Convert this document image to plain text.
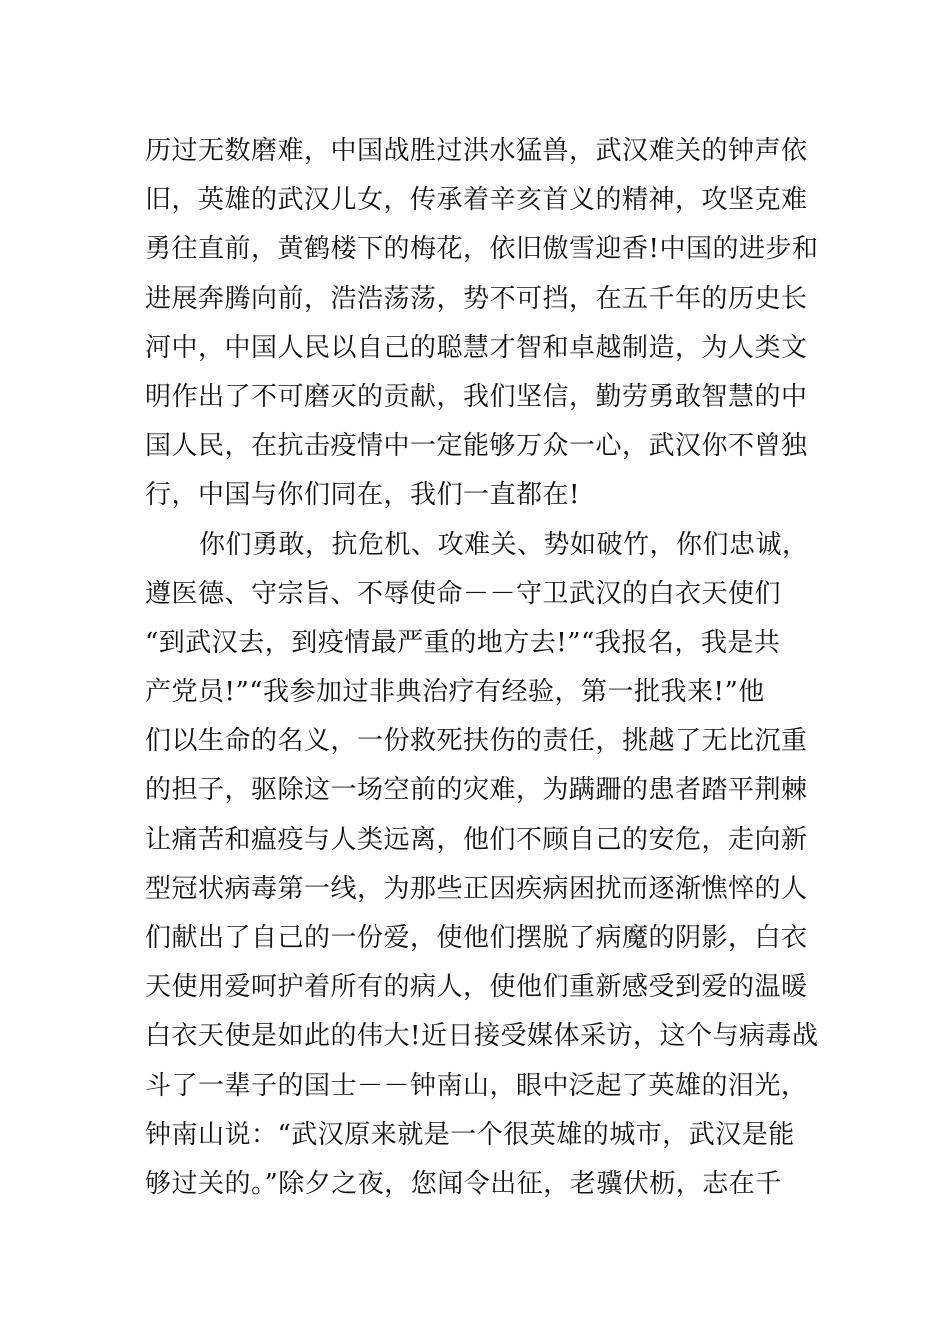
历过无数磨难，中国战胜过洪水猛兽，武汉难关的钟声依
旧，英雄的武汉儿女，传承着辛亥首义的精神，攻坚克难
勇往直前，黄鹤楼下的梅花，依旧傲雪迎香!中国的进步和
进展奔腾向前，浩浩荡荡，势不可挡，在五千年的历史长
河中，中国人民以自己的聪慧才智和卓越制造，为人类文
明作出了不可磨灭的贡献，我们坚信，勤劳勇敢智慧的中
国人民，在抗击疫情中一定能够万众一心，武汉你不曾独
行，中国与你们同在，我们一直都在!
你们勇敢，抗危机、攻难关、势如破竹，你们忠诚，
遵医德、守宗旨、不辱使命－－守卫武汉的白衣天使们
“到武汉去，到疫情最严重的地方去!”“我报名，我是共
产党员!”“我参加过非典治疗有经验，第一批我来!”他
们以生命的名义，一份救死扶伤的责任，挑越了无比沉重
的担子，驱除这一场空前的灾难，为蹒跚的患者踏平荆棘
让痛苦和瘟疫与人类远离，他们不顾自己的安危，走向新
型冠状病毒第一线，为那些正因疾病困扰而逐渐憔悴的人
们献出了自己的一份爱，使他们摆脱了病魔的阴影，白衣
天使用爱呵护着所有的病人，使他们重新感受到爱的温暖
白衣天使是如此的伟大!近日接受媒体采访，这个与病毒战
斗了一辈子的国士－－钟南山，眼中泛起了英雄的泪光，
钟南山说：“武汉原来就是一个很英雄的城市，武汉是能
够过关的。”除夕之夜，您闻令出征，老骥伏枥，志在千
